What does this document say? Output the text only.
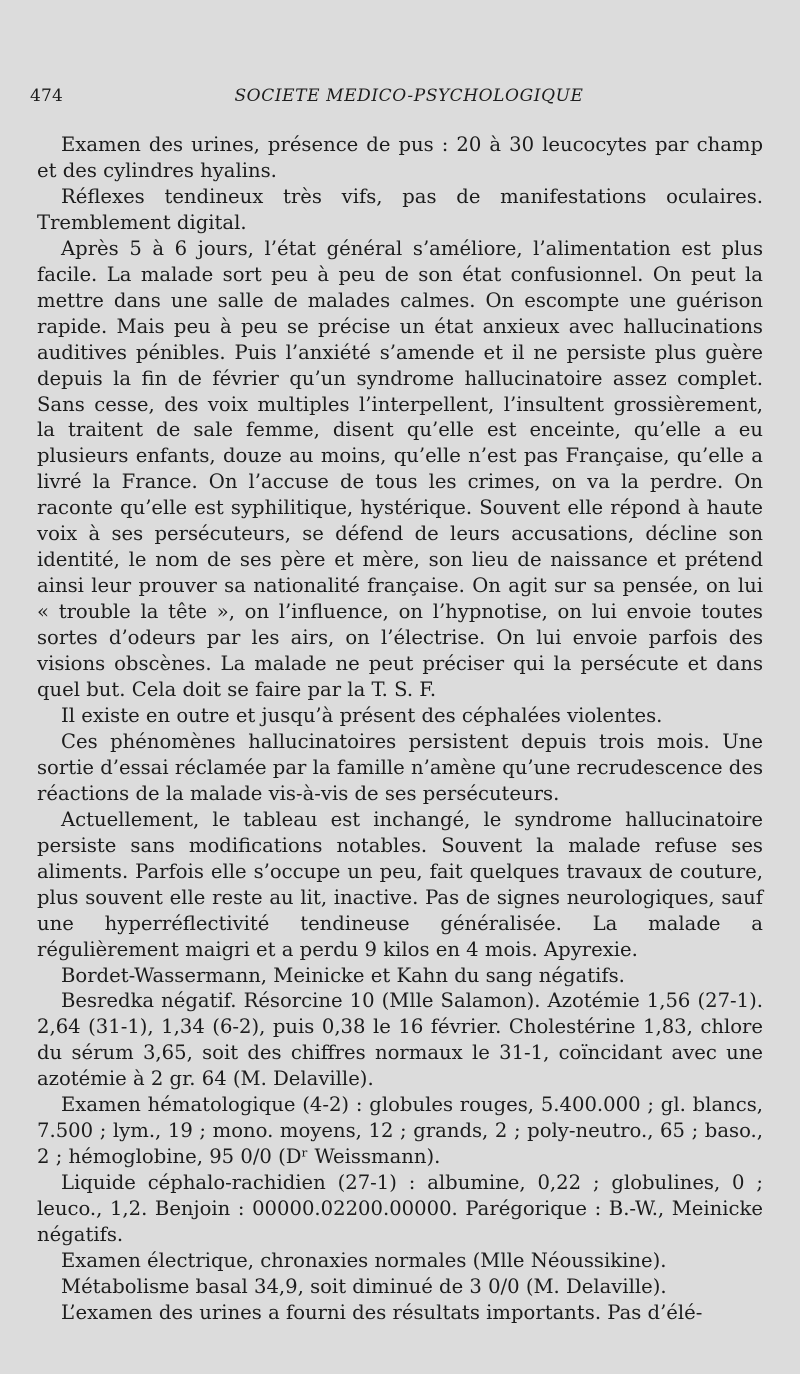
474	SOCIETE MEDICO-PSYCHOLOGIQUE

Examen des urines, présence de pus : 20 à 30 leucocytes par champ et des cylindres hyalins.

Réflexes tendineux très vifs, pas de manifestations oculaires. Tremblement digital.

Après 5 à 6 jours, l’état général s’améliore, l’alimentation est plus facile. La malade sort peu à peu de son état confusionnel. On peut la mettre dans une salle de malades calmes. On escompte une guérison rapide. Mais peu à peu se précise un état anxieux avec hallucinations auditives pénibles. Puis l’anxiété s’amende et il ne persiste plus guère depuis la fin de février qu’un syndrome hallucinatoire assez complet. Sans cesse, des voix multiples l’interpellent, l’insultent grossièrement, la traitent de sale femme, disent qu’elle est enceinte, qu’elle a eu plusieurs enfants, douze au moins, qu’elle n’est pas Française, qu’elle a livré la France. On l’accuse de tous les crimes, on va la perdre. On raconte qu’elle est syphilitique, hystérique. Souvent elle répond à haute voix à ses persécuteurs, se défend de leurs accusations, décline son identité, le nom de ses père et mère, son lieu de naissance et prétend ainsi leur prouver sa nationalité française. On agit sur sa pensée, on lui « trouble la tête », on l’influence, on l’hypnotise, on lui envoie toutes sortes d’odeurs par les airs, on l’électrise. On lui envoie parfois des visions obscènes. La malade ne peut préciser qui la persécute et dans quel but. Cela doit se faire par la T. S. F.

Il existe en outre et jusqu’à présent des céphalées violentes.

Ces phénomènes hallucinatoires persistent depuis trois mois. Une sortie d’essai réclamée par la famille n’amène qu’une recrudescence des réactions de la malade vis-à-vis de ses persécuteurs.

Actuellement, le tableau est inchangé, le syndrome hallucinatoire persiste sans modifications notables. Souvent la malade refuse ses aliments. Parfois elle s’occupe un peu, fait quelques travaux de couture, plus souvent elle reste au lit, inactive. Pas de signes neurologiques, sauf une hyperréflectivité tendineuse généralisée. La malade a régulièrement maigri et a perdu 9 kilos en 4 mois. Apyrexie.

Bordet-Wassermann, Meinicke et Kahn du sang négatifs.

Besredka négatif. Résorcine 10 (Mlle Salamon). Azotémie 1,56 (27-1). 2,64 (31-1), 1,34 (6-2), puis 0,38 le 16 février. Cholestérine 1,83, chlore du sérum 3,65, soit des chiffres normaux le 31-1, coïncidant avec une azotémie à 2 gr. 64 (M. Delaville).

Examen hématologique (4-2) : globules rouges, 5.400.000 ; gl. blancs, 7.500 ; lym., 19 ; mono. moyens, 12 ; grands, 2 ; poly-neutro., 65 ; baso., 2 ; hémoglobine, 95 0/0 (Dʳ Weissmann).

Liquide céphalo-rachidien (27-1) : albumine, 0,22 ; globulines, 0 ; leuco., 1,2. Benjoin : 00000.02200.00000. Parégorique : B.-W., Meinicke négatifs.

Examen électrique, chronaxies normales (Mlle Néoussikine).

Métabolisme basal 34,9, soit diminué de 3 0/0 (M. Delaville).

L’examen des urines a fourni des résultats importants. Pas d’élé-
